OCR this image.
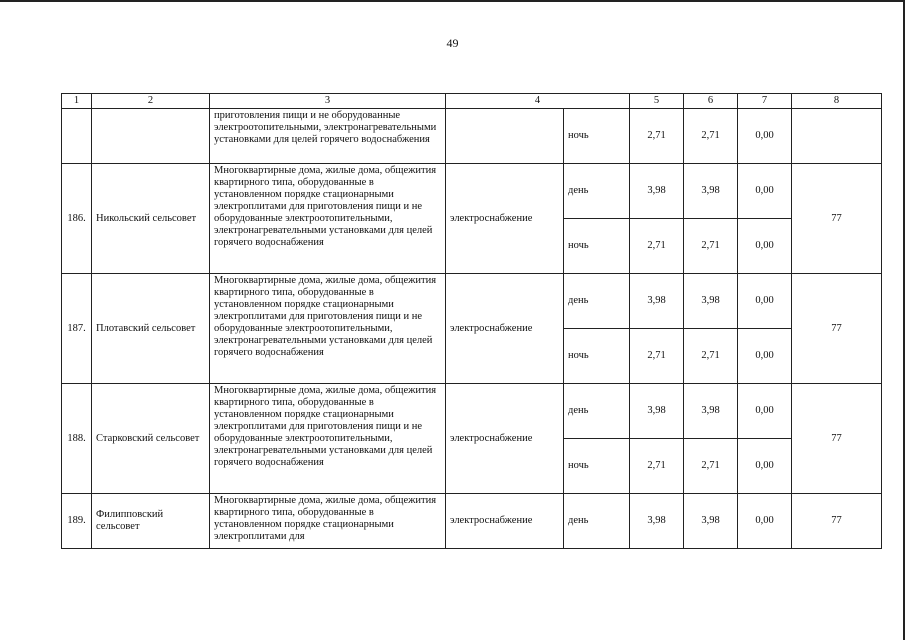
49
1	2	3	4		5	6	7	8

		приготовления пищи и не оборудованные электроотопительными, электронагревательными установками для целей горячего водоснабжения		ночь	2,71	2,71	0,00	
186.	Никольский сельсовет	Многоквартирные дома, жилые дома, общежития квартирного типа, оборудованные в установленном порядке стационарными электроплитами для приготовления пищи и не оборудованные электроотопительными, электронагревательными установками для целей горячего водоснабжения	электроснабжение	день	3,98	3,98	0,00	77
				ночь	2,71	2,71	0,00	
187.	Плотавский сельсовет	Многоквартирные дома, жилые дома, общежития квартирного типа, оборудованные в установленном порядке стационарными электроплитами для приготовления пищи и не оборудованные электроотопительными, электронагревательными установками для целей горячего водоснабжения	электроснабжение	день	3,98	3,98	0,00	77
				ночь	2,71	2,71	0,00	
188.	Старковский сельсовет	Многоквартирные дома, жилые дома, общежития квартирного типа, оборудованные в установленном порядке стационарными электроплитами для приготовления пищи и не оборудованные электроотопительными, электронагревательными установками для целей горячего водоснабжения	электроснабжение	день	3,98	3,98	0,00	77
				ночь	2,71	2,71	0,00	
189.	Филипповский сельсовет	Многоквартирные дома, жилые дома, общежития квартирного типа, оборудованные в установленном порядке стационарными электроплитами для	электроснабжение	день	3,98	3,98	0,00	77
